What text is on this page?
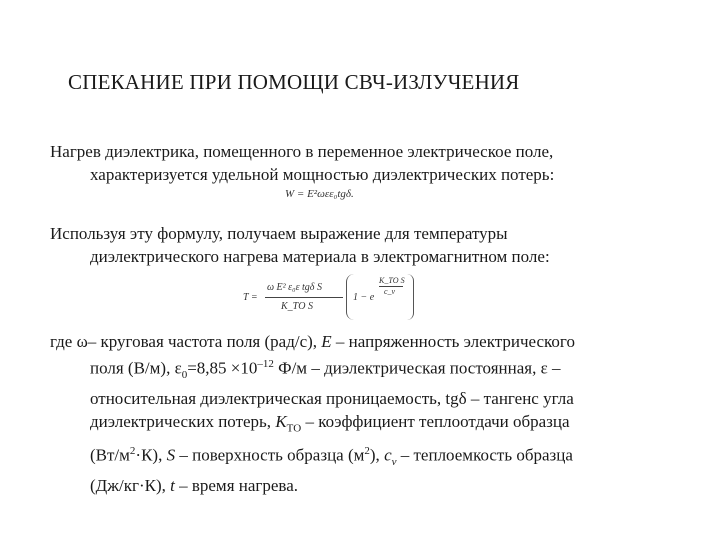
СПЕКАНИЕ ПРИ ПОМОЩИ СВЧ-ИЗЛУЧЕНИЯ
Нагрев диэлектрика, помещенного в переменное электрическое поле,
характеризуется удельной мощностью диэлектрических потерь:
W = E²ωεε₀tgδ.
Используя эту формулу, получаем выражение для температуры
диэлектрического нагрева материала в электромагнитном поле:
T =
ω E² ε₀ε tgδ S
K_ТО S
1 − e
K_ТО S
c_v
где ω– круговая частота поля (рад/с), E – напряженность электрического
поля (В/м), $\varepsilon_0=8,85 \times 10^{-12}$ Ф/м – диэлектрическая постоянная, ε –
относительная диэлектрическая проницаемость, tgδ – тангенс угла
диэлектрических потерь, $K_{ТО}$ – коэффициент теплоотдачи образца
$(Вт/м^2\cdot К)$, S – поверхность образца $(м^2)$, $c_v$ – теплоемкость образца
(Дж/кг·К), t – время нагрева.
